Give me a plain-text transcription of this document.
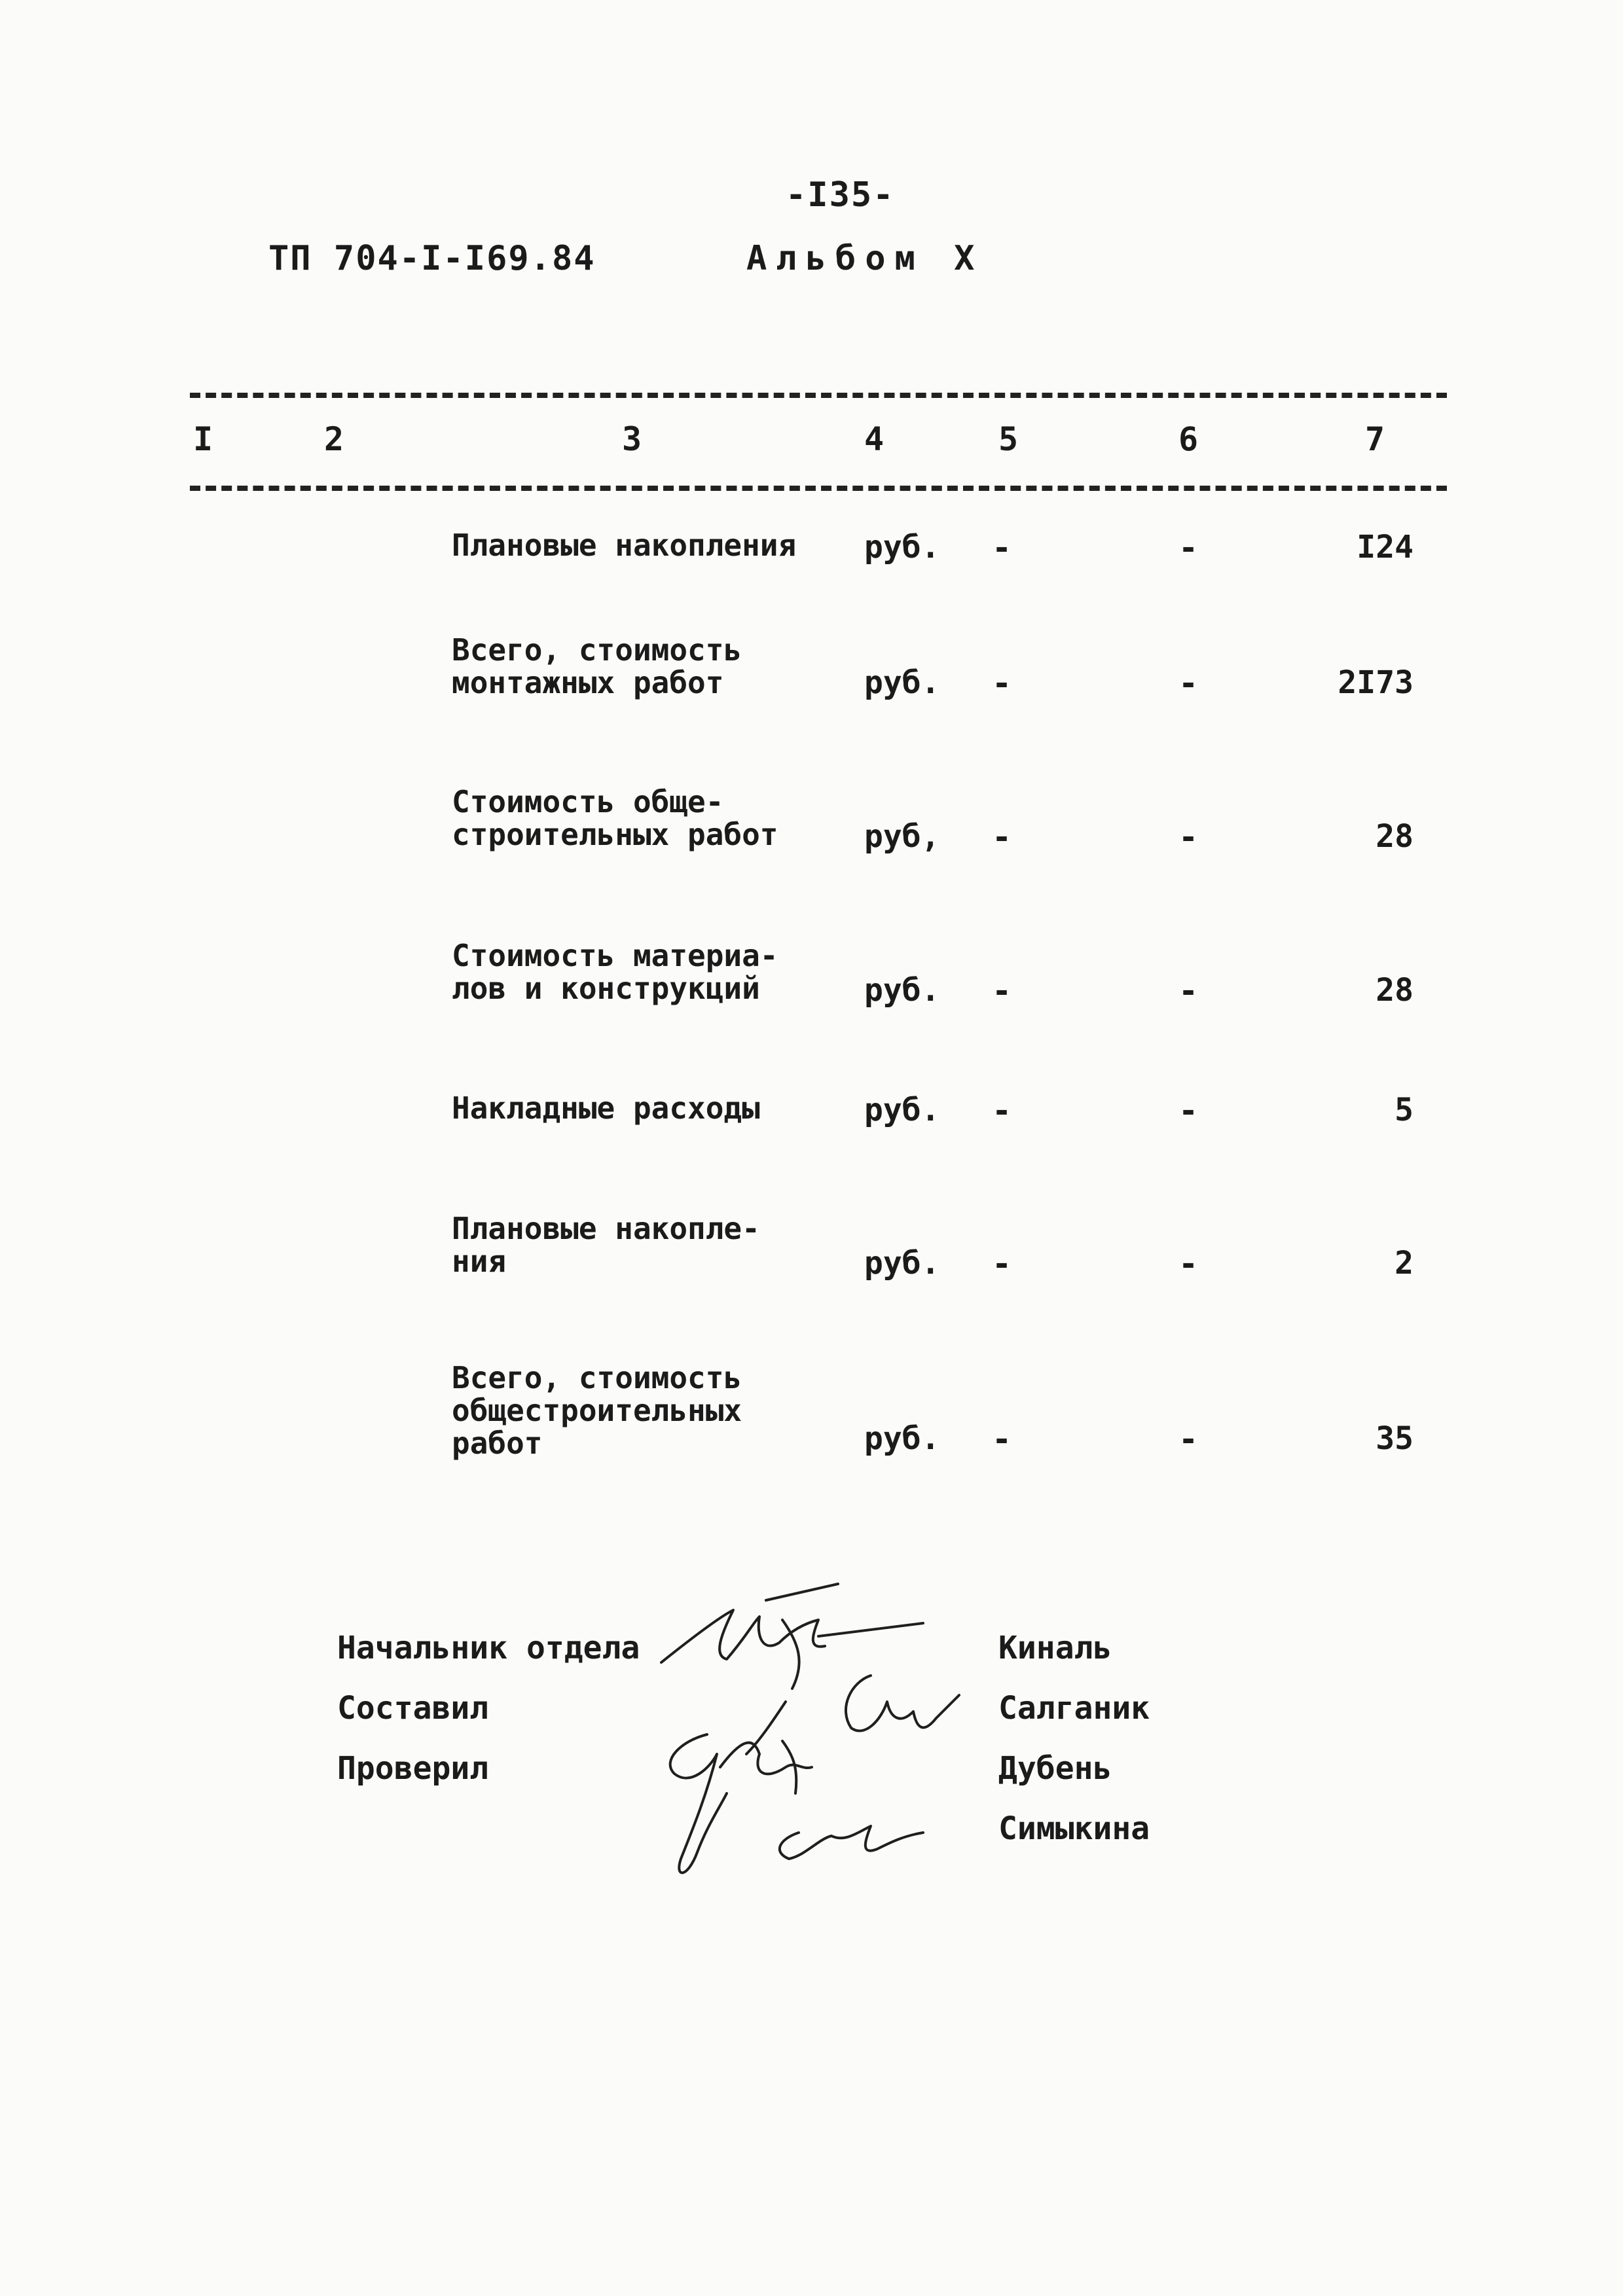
-I35-
ТП 704-I-I69.84	Альбом Х
I	2	3	4	5	6	7
Плановые накопления	руб. -	-	I24
Всего, стоимость
монтажных работ	руб. -	-	2I73
Стоимость обще-
строительных работ	руб, -	-	28
Стоимость материа-
лов и конструкций	руб. -	-	28
Накладные расходы	руб. -	-	5
Плановые накопле-
ния	руб. -	-	2
Всего, стоимость
общестроительных
работ	руб. -	-	35
Начальник отдела
Составил
Проверил
Киналь
Салганик
Дубень
Симыкина
